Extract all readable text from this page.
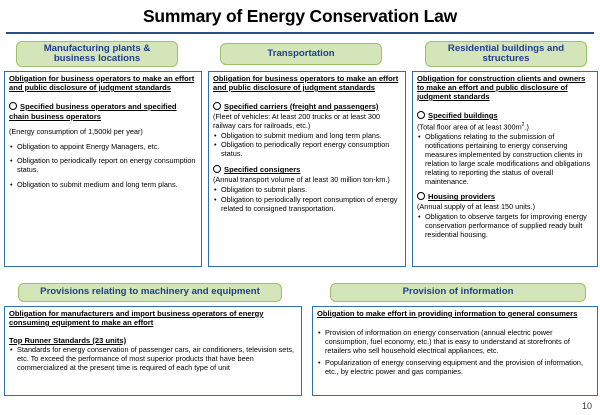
Summary of Energy Conservation Law
Manufacturing plants & business locations
Obligation for business operators to make an effort and public disclosure of judgment standards
Specified business operators and specified chain business operators
(Energy consumption of 1,500kl per year)
• Obligation to appoint Energy Managers, etc.
• Obligation to periodically report on energy consumption status.
• Obligation to submit medium and long term plans.
Transportation
Obligation for business operators to make an effort and public disclosure of judgment standards
Specified carriers (freight and passengers)
(Fleet of vehicles: At least 200 trucks or at least 300 railway cars for railroads, etc.)
• Obligation to submit medium and long term plans.
• Obligation to periodically report energy consumption status.
Specified consigners
(Annual transport volume of at least 30 million ton-km.)
• Obligation to submit plans.
• Obligation to periodically report consumption of energy related to consigned transportation.
Residential buildings and structures
Obligation for construction clients and owners to make an effort and public disclosure of judgment standards
Specified buildings
(Total floor area of at least $300m^2$.)
• Obligations relating to the submission of notifications pertaining to energy conserving measures implemented by construction clients in relation to large scale modifications and obligations relating to reporting the status of overall maintenance.
Housing providers
(Annual supply of at least 150 units.)
• Obligation to observe targets for improving energy conservation performance of supplied ready built residential housing.
Provisions relating to machinery and equipment
Obligation for manufacturers and import business operators of energy consuming equipment to make an effort
Top Runner Standards (23 units)
• Standards for energy conservation of passenger cars, air conditioners, television sets, etc. To exceed the performance of most superior products that have been commercialized at the present time is required of each type of unit
Provision of information
Obligation to make effort in providing information to general consumers
• Provision of information on energy conservation (annual electric power consumption, fuel economy, etc.) that is easy to understand at storefronts of retailers who sell household electrical appliances, etc.
• Popularization of energy conserving equipment and the provision of information, etc., by electric power and gas companies.
10
